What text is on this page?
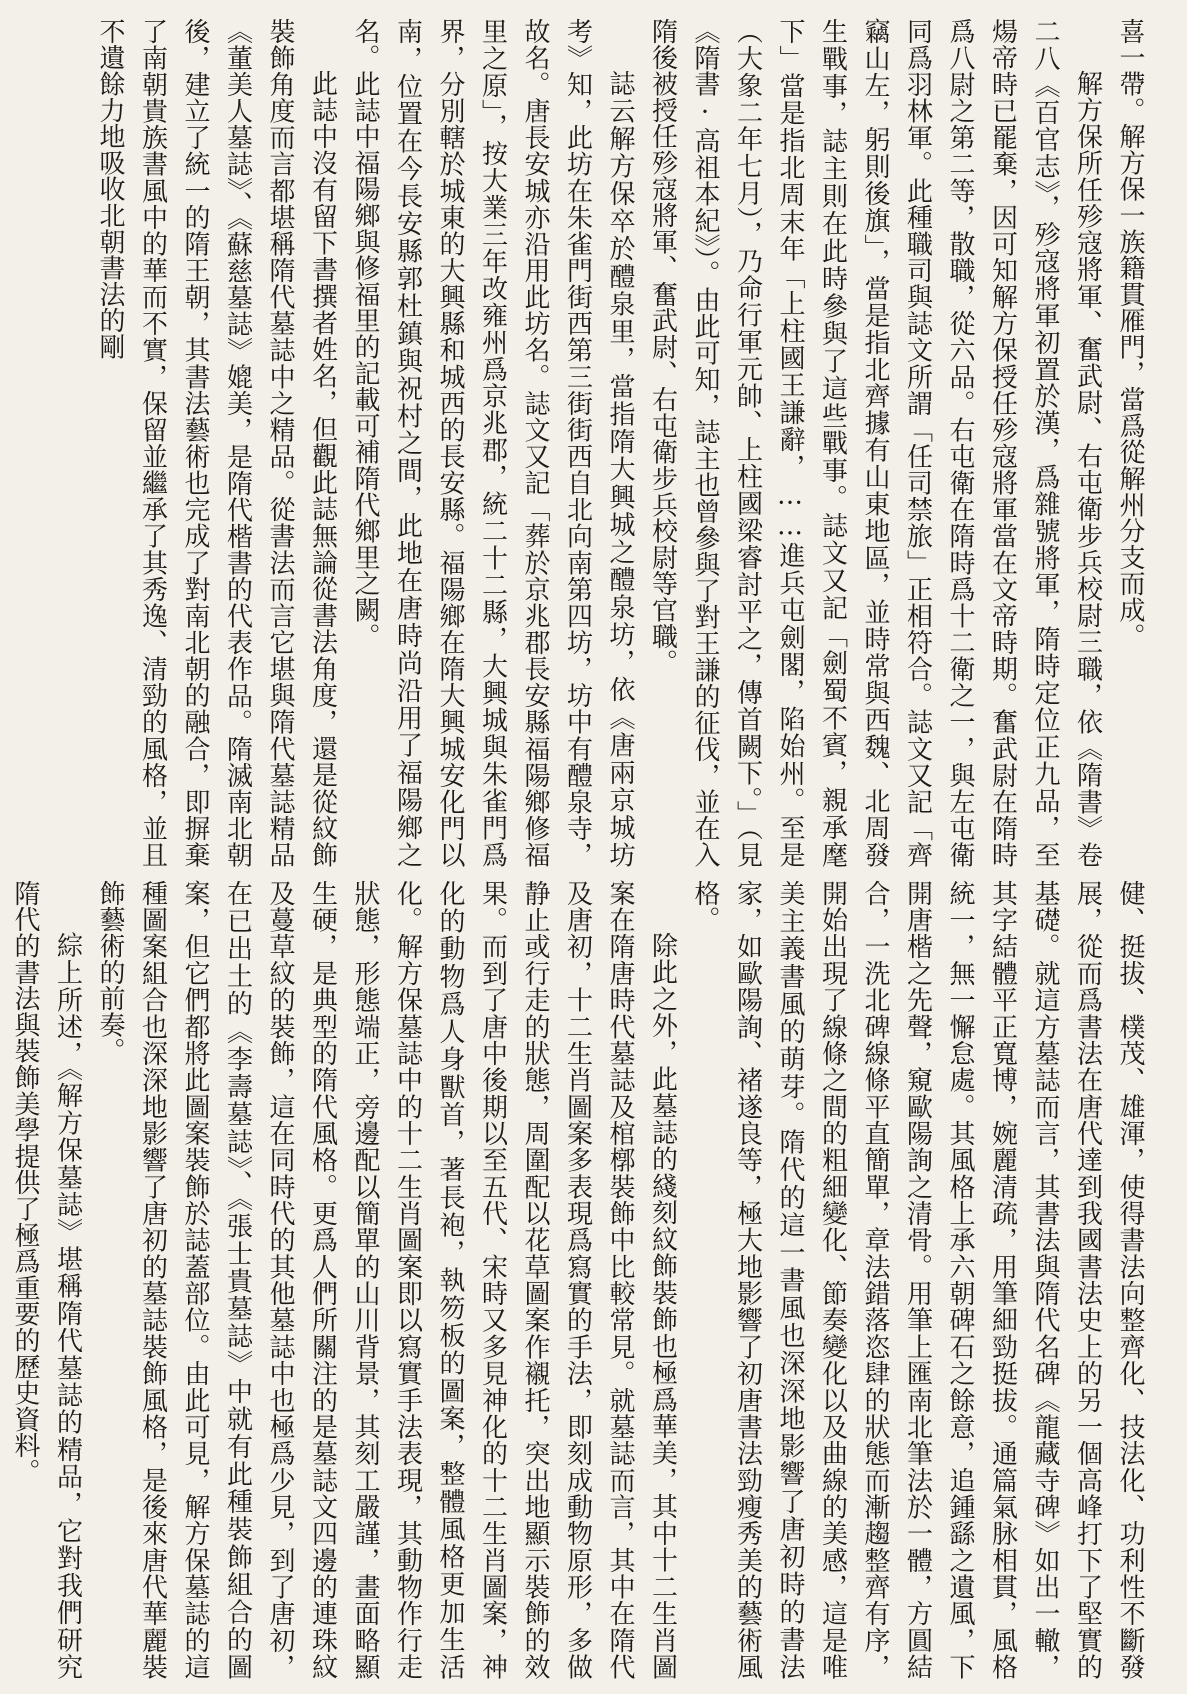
喜一帶。解方保一族籍貫雁門，當爲從解州分支而成。

解方保所任殄寇將軍、奮武尉、右屯衛步兵校尉三職，依《隋書》卷二八《百官志》，殄寇將軍初置於漢，爲雜號將軍，隋時定位正九品，至煬帝時已罷棄，因可知解方保授任殄寇將軍當在文帝時期。奮武尉在隋時爲八尉之第二等，散職，從六品。右屯衛在隋時爲十二衛之一，與左屯衛同爲羽林軍。此種職司與誌文所謂「任司禁旅」正相符合。誌文又記「齊竊山左，躬則後旗」，當是指北齊據有山東地區，並時常與西魏、北周發生戰事，誌主則在此時參與了這些戰事。誌文又記「劍蜀不賓，親承麾下」當是指北周末年「上柱國王謙辭，……進兵屯劍閣，陷始州。至是（大象二年七月），乃命行軍元帥、上柱國梁睿討平之，傳首闕下。」（見《隋書·高祖本紀》）。由此可知，誌主也曾參與了對王謙的征伐，並在入隋後被授任殄寇將軍、奮武尉、右屯衛步兵校尉等官職。

誌云解方保卒於醴泉里，當指隋大興城之醴泉坊，依《唐兩京城坊考》知，此坊在朱雀門街西第三街街西自北向南第四坊，坊中有醴泉寺，故名。唐長安城亦沿用此坊名。誌文又記「葬於京兆郡長安縣福陽鄉修福里之原」，按大業三年改雍州爲京兆郡，統二十二縣，大興城與朱雀門爲界，分別轄於城東的大興縣和城西的長安縣。福陽鄉在隋大興城安化門以南，位置在今長安縣郭杜鎮與祝村之間，此地在唐時尚沿用了福陽鄉之名。此誌中福陽鄉與修福里的記載可補隋代鄉里之闕。

此誌中沒有留下書撰者姓名，但觀此誌無論從書法角度，還是從紋飾裝飾角度而言都堪稱隋代墓誌中之精品。從書法而言它堪與隋代墓誌精品《董美人墓誌》、《蘇慈墓誌》媲美，是隋代楷書的代表作品。隋滅南北朝後，建立了統一的隋王朝，其書法藝術也完成了對南北朝的融合，即摒棄了南朝貴族書風中的華而不實，保留並繼承了其秀逸、清勁的風格，並且不遺餘力地吸收北朝書法的剛

健、挺拔、樸茂、雄渾，使得書法向整齊化、技法化、功利性不斷發展，從而爲書法在唐代達到我國書法史上的另一個高峰打下了堅實的基礎。就這方墓誌而言，其書法與隋代名碑《龍藏寺碑》如出一轍，其字結體平正寬博，婉麗清疏，用筆細勁挺拔。通篇氣脉相貫，風格統一，無一懈怠處。其風格上承六朝碑石之餘意，追鍾繇之遺風，下開唐楷之先聲，窺歐陽詢之清骨。用筆上匯南北筆法於一體，方圓結合，一洗北碑線條平直簡單，章法錯落恣肆的狀態而漸趨整齊有序，開始出現了線條之間的粗細變化、節奏變化以及曲線的美感，這是唯美主義書風的萌芽。隋代的這一書風也深深地影響了唐初時的書法家，如歐陽詢、褚遂良等，極大地影響了初唐書法勁瘦秀美的藝術風格。

除此之外，此墓誌的綫刻紋飾裝飾也極爲華美，其中十二生肖圖案在隋唐時代墓誌及棺槨裝飾中比較常見。就墓誌而言，其中在隋代及唐初，十二生肖圖案多表現爲寫實的手法，即刻成動物原形，多做静止或行走的狀態，周圍配以花草圖案作襯托，突出地顯示裝飾的效果。而到了唐中後期以至五代、宋時又多見神化的十二生肖圖案，神化的動物爲人身獸首，著長袍，執笏板的圖案，整體風格更加生活化。解方保墓誌中的十二生肖圖案即以寫實手法表現，其動物作行走狀態，形態端正，旁邊配以簡單的山川背景，其刻工嚴謹，畫面略顯生硬，是典型的隋代風格。更爲人們所關注的是墓誌文四邊的連珠紋及蔓草紋的裝飾，這在同時代的其他墓誌中也極爲少見，到了唐初，在已出土的《李壽墓誌》、《張士貴墓誌》中就有此種裝飾組合的圖案，但它們都將此圖案裝飾於誌蓋部位。由此可見，解方保墓誌的這種圖案組合也深深地影響了唐初的墓誌裝飾風格，是後來唐代華麗裝飾藝術的前奏。

綜上所述，《解方保墓誌》堪稱隋代墓誌的精品，它對我們研究隋代的書法與裝飾美學提供了極爲重要的歷史資料。
